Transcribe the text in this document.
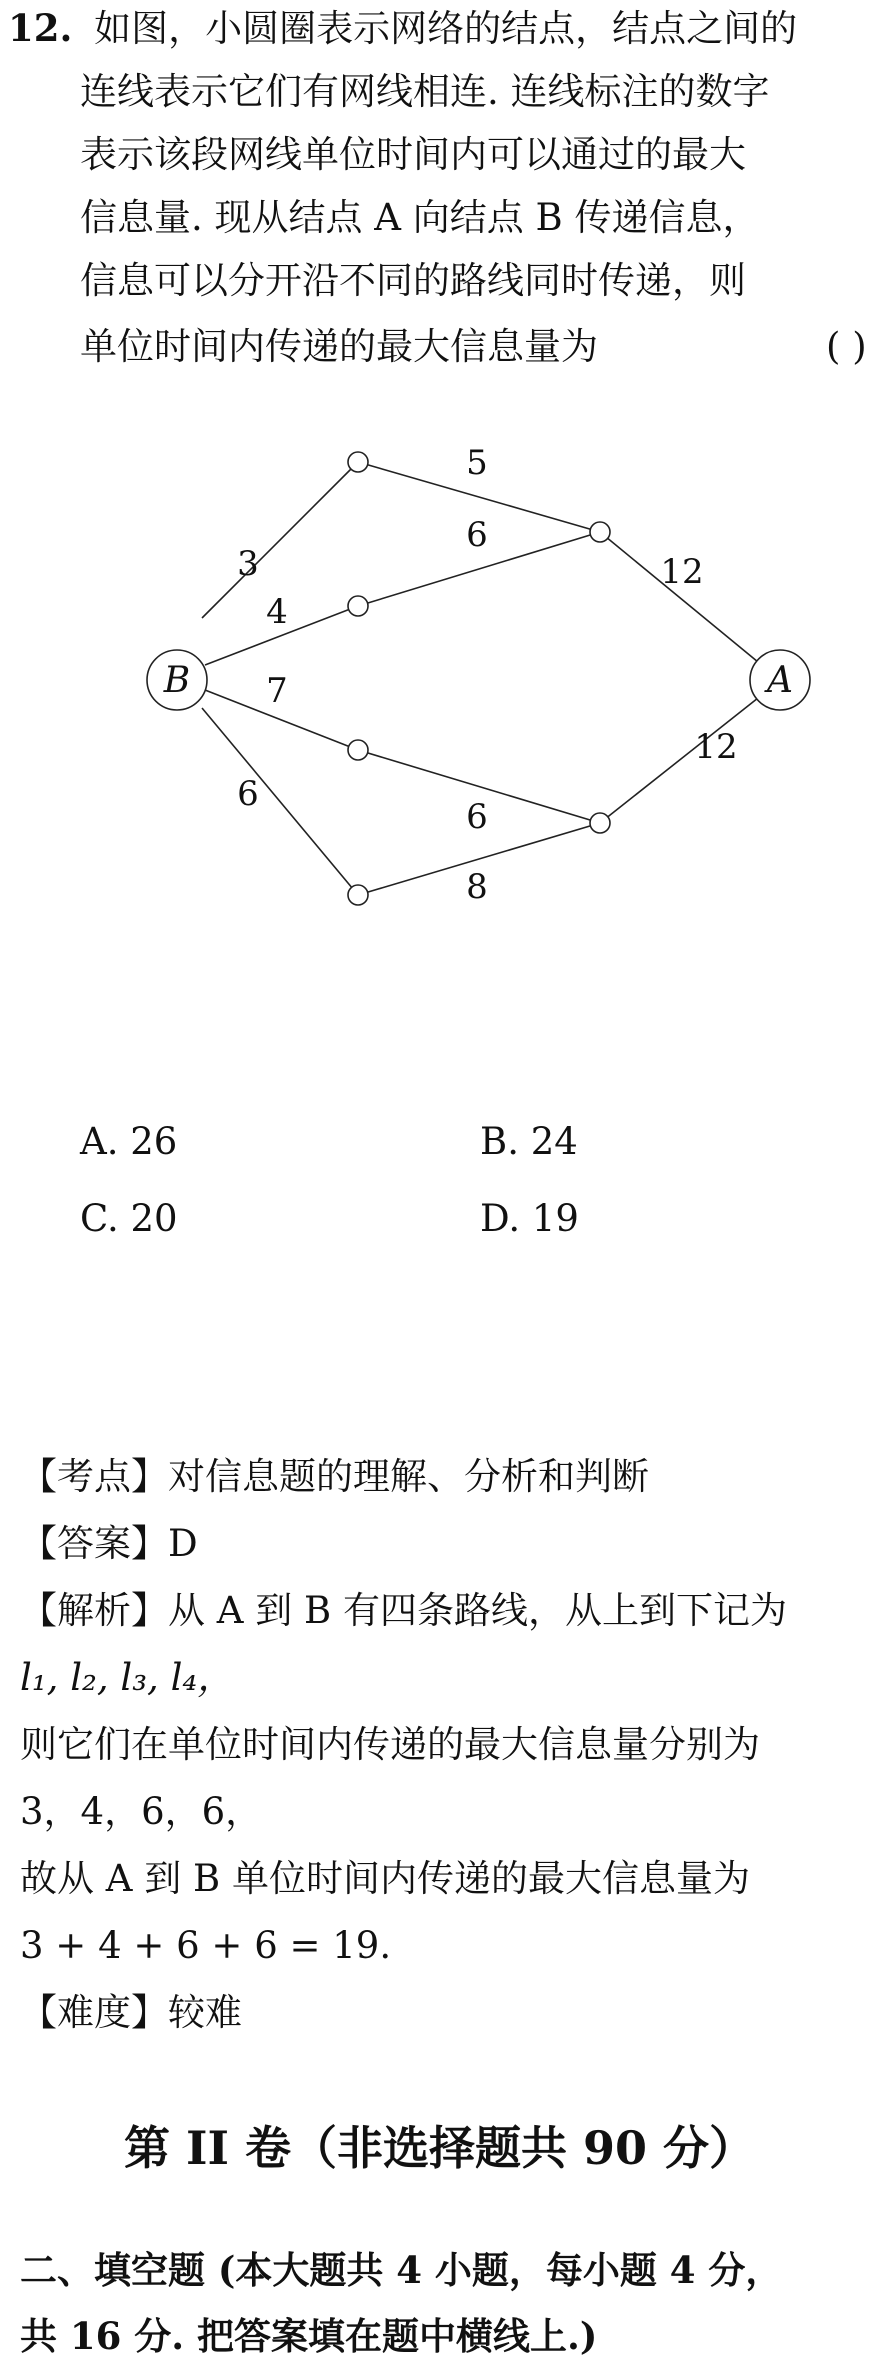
12. 如图，小圆圈表示网络的结点，结点之间的
连线表示它们有网线相连. 连线标注的数字
表示该段网线单位时间内可以通过的最大
信息量. 现从结点 A 向结点 B 传递信息，
信息可以分开沿不同的路线同时传递，则
单位时间内传递的最大信息量为	( )
B	A
3
5
4
6
12
7
6
6
8
12
A. 26	B. 24
C. 20	D. 19
【考点】对信息题的理解、分析和判断
【答案】D
【解析】从 A 到 B 有四条路线，从上到下记为
l₁, l₂, l₃, l₄，
则它们在单位时间内传递的最大信息量分别为
3，4，6，6，
故从 A 到 B 单位时间内传递的最大信息量为
3 + 4 + 6 + 6 = 19.
【难度】较难
第 II 卷（非选择题共 90 分）
二、填空题 (本大题共 4 小题，每小题 4 分，
共 16 分. 把答案填在题中横线上.)
